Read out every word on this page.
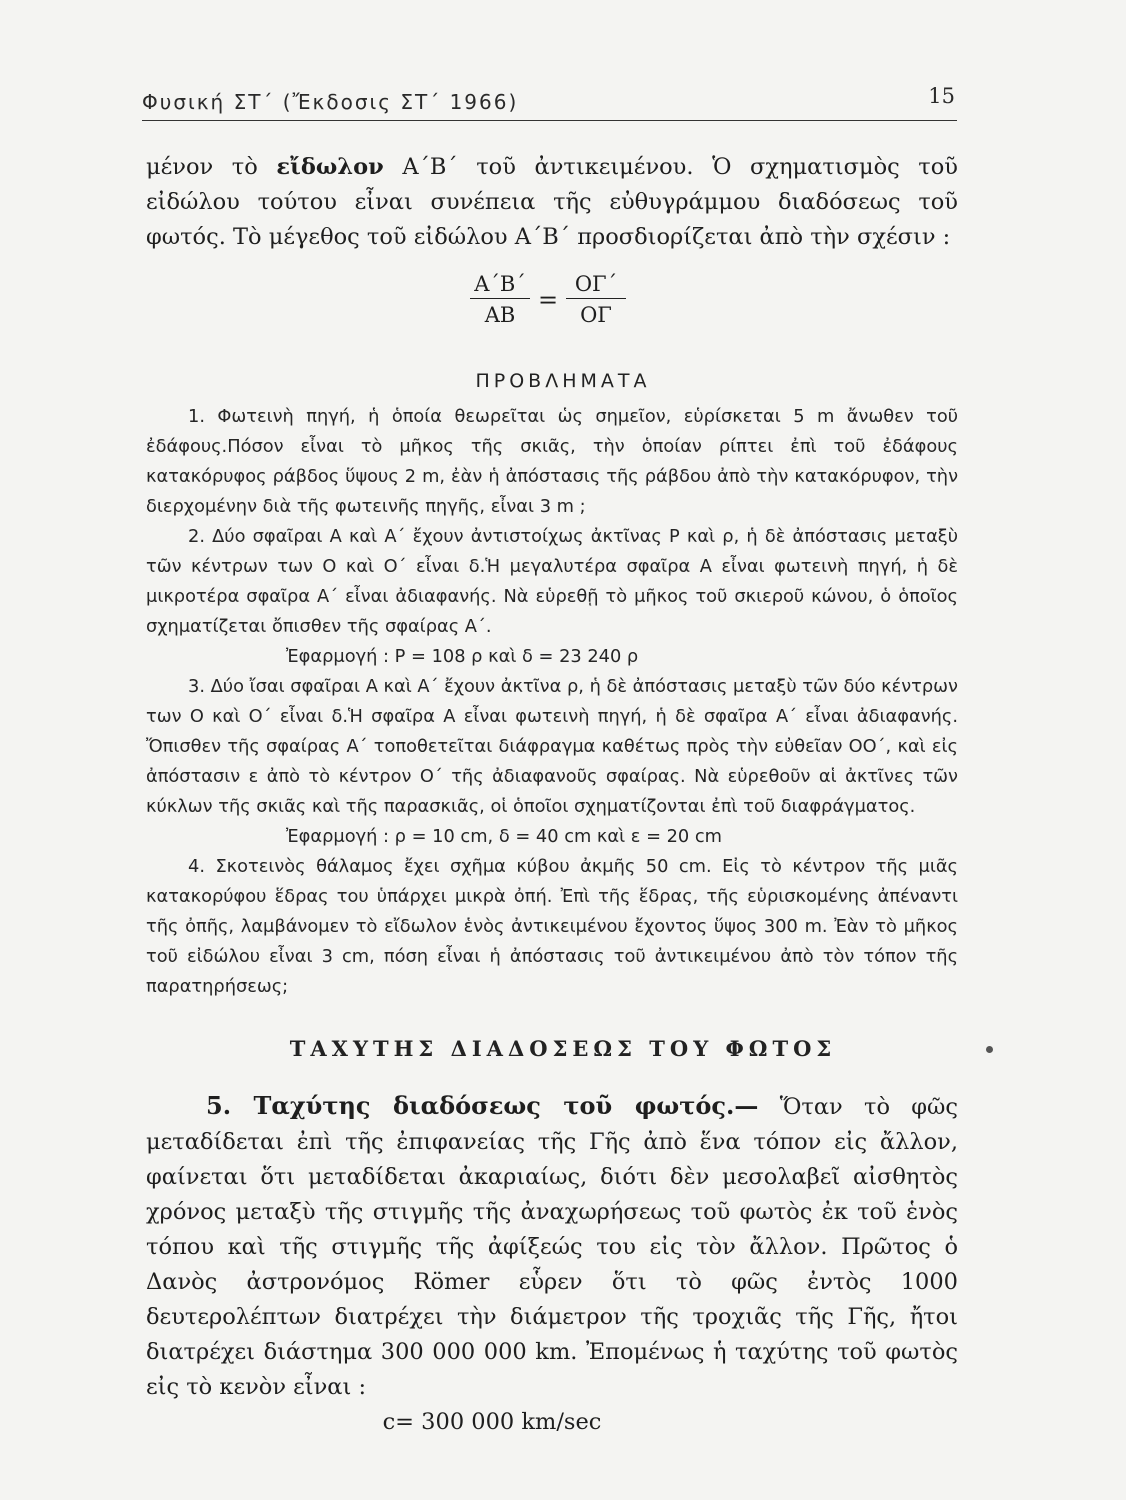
Φυσική ΣΤ΄ (Ἔκδοσις ΣΤ΄ 1966)	15

μένον τὸ εἴδωλον Α΄Β΄ τοῦ ἀντικειμένου. Ὁ σχηματισμὸς τοῦ εἰδώλου τούτου εἶναι συνέπεια τῆς εὐθυγράμμου διαδόσεως τοῦ φωτός. Τὸ μέγεθος τοῦ εἰδώλου Α΄Β΄ προσδιορίζεται ἀπὸ τὴν σχέσιν :

Α΄Β΄
ΑΒ
=
ΟΓ΄
ΟΓ
ΠΡΟΒΛΗΜΑΤΑ

1. Φωτεινὴ πηγή, ἡ ὁποία θεωρεῖται ὡς σημεῖον, εὑρίσκεται 5 m ἄνωθεν τοῦ ἐδάφους.Πόσον εἶναι τὸ μῆκος τῆς σκιᾶς, τὴν ὁποίαν ρίπτει ἐπὶ τοῦ ἐδάφους κατακόρυφος ράβδος ὕψους 2 m, ἐὰν ἡ ἀπόστασις τῆς ράβδου ἀπὸ τὴν κατακόρυφον, τὴν διερχομένην διὰ τῆς φωτεινῆς πηγῆς, εἶναι 3 m ;

2. Δύο σφαῖραι Α καὶ Α΄ ἔχουν ἀντιστοίχως ἀκτῖνας Ρ καὶ ρ, ἡ δὲ ἀπόστασις μεταξὺ τῶν κέντρων των Ο καὶ Ο΄ εἶναι δ.Ἡ μεγαλυτέρα σφαῖρα Α εἶναι φωτεινὴ πηγή, ἡ δὲ μικροτέρα σφαῖρα Α΄ εἶναι ἀδιαφανής. Νὰ εὑρεθῇ τὸ μῆκος τοῦ σκιεροῦ κώνου, ὁ ὁποῖος σχηματίζεται ὄπισθεν τῆς σφαίρας Α΄.

Ἐφαρμογή : Ρ = 108 ρ καὶ δ = 23 240 ρ

3. Δύο ἴσαι σφαῖραι Α καὶ Α΄ ἔχουν ἀκτῖνα ρ, ἡ δὲ ἀπόστασις μεταξὺ τῶν δύο κέντρων των Ο καὶ Ο΄ εἶναι δ.Ἡ σφαῖρα Α εἶναι φωτεινὴ πηγή, ἡ δὲ σφαῖρα Α΄ εἶναι ἀδιαφανής. Ὄπισθεν τῆς σφαίρας Α΄ τοποθετεῖται διάφραγμα καθέτως πρὸς τὴν εὐθεῖαν ΟΟ΄, καὶ εἰς ἀπόστασιν ε ἀπὸ τὸ κέντρον Ο΄ τῆς ἀδιαφανοῦς σφαίρας. Νὰ εὑρεθοῦν αἱ ἀκτῖνες τῶν κύκλων τῆς σκιᾶς καὶ τῆς παρασκιᾶς, οἱ ὁποῖοι σχηματίζονται ἐπὶ τοῦ διαφράγματος.

Ἐφαρμογή : ρ = 10 cm, δ = 40 cm καὶ ε = 20 cm

4. Σκοτεινὸς θάλαμος ἔχει σχῆμα κύβου ἀκμῆς 50 cm. Εἰς τὸ κέντρον τῆς μιᾶς κατακορύφου ἕδρας του ὑπάρχει μικρὰ ὀπή. Ἐπὶ τῆς ἕδρας, τῆς εὑρισκομένης ἀπέναντι τῆς ὀπῆς, λαμβάνομεν τὸ εἴδωλον ἑνὸς ἀντικειμένου ἔχοντος ὕψος 300 m. Ἐὰν τὸ μῆκος τοῦ εἰδώλου εἶναι 3 cm, πόση εἶναι ἡ ἀπόστασις τοῦ ἀντικειμένου ἀπὸ τὸν τόπον τῆς παρατηρήσεως;

ΤΑΧΥΤΗΣ ΔΙΑΔΟΣΕΩΣ ΤΟΥ ΦΩΤΟΣ

5. Ταχύτης διαδόσεως τοῦ φωτός.— Ὅταν τὸ φῶς μεταδίδεται ἐπὶ τῆς ἐπιφανείας τῆς Γῆς ἀπὸ ἕνα τόπον εἰς ἄλλον, φαίνεται ὅτι μεταδίδεται ἀκαριαίως, διότι δὲν μεσολαβεῖ αἰσθητὸς χρόνος μεταξὺ τῆς στιγμῆς τῆς ἀναχωρήσεως τοῦ φωτὸς ἐκ τοῦ ἑνὸς τόπου καὶ τῆς στιγμῆς τῆς ἀφίξεώς του εἰς τὸν ἄλλον. Πρῶτος ὁ Δανὸς ἀστρονόμος Römer εὗρεν ὅτι τὸ φῶς ἐντὸς 1000 δευτερολέπτων διατρέχει τὴν διάμετρον τῆς τροχιᾶς τῆς Γῆς, ἤτοι διατρέχει διάστημα 300 000 000 km. Ἐπομένως ἡ ταχύτης τοῦ φωτὸς εἰς τὸ κενὸν εἶναι :

c= 300 000 km/sec
